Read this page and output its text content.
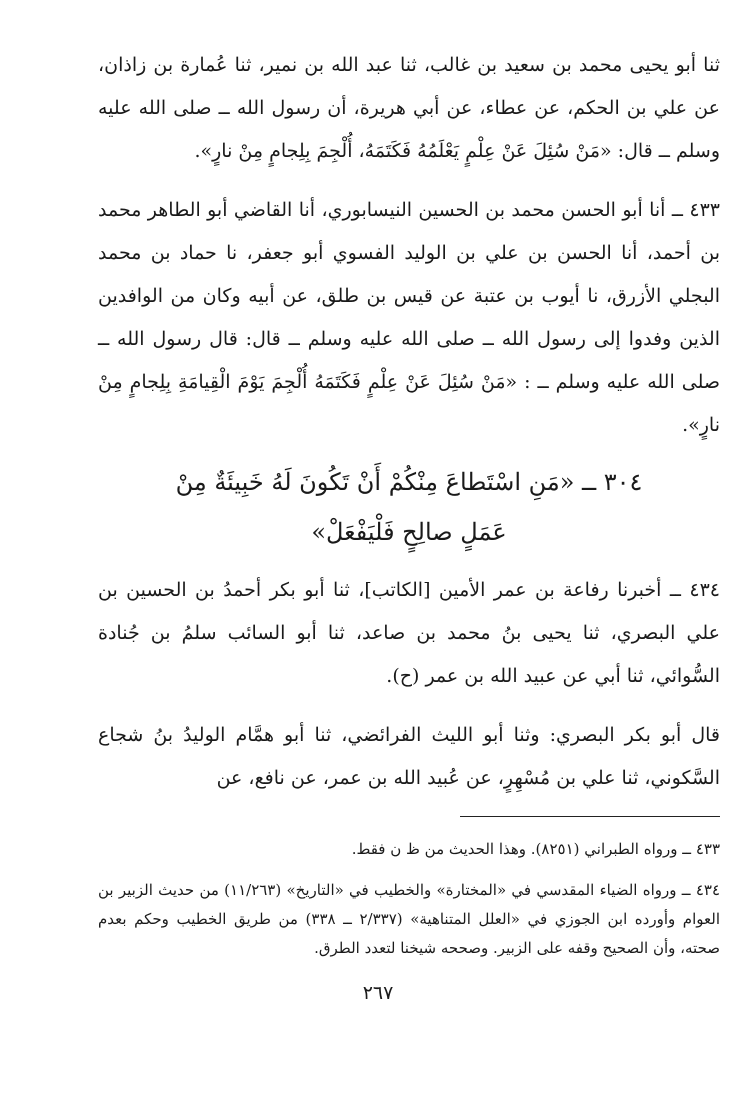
ثنا أبو يحيى محمد بن سعيد بن غالب، ثنا عبد الله بن نمير، ثنا عُمارة بن زاذان، عن علي بن الحكم، عن عطاء، عن أبي هريرة، أن رسول الله ــ صلى الله عليه وسلم ــ قال: «مَنْ سُئِلَ عَنْ عِلْمٍ يَعْلَمُهُ فَكَتَمَهُ، أُلْجِمَ بِلِجامٍ مِنْ نارٍ».

٤٣٣ ــ أنا أبو الحسن محمد بن الحسين النيسابوري، أنا القاضي أبو الطاهر محمد بن أحمد، أنا الحسن بن علي بن الوليد الفسوي أبو جعفر، نا حماد بن محمد البجلي الأزرق، نا أيوب بن عتبة عن قيس بن طلق، عن أبيه وكان من الوافدين الذين وفدوا إلى رسول الله ــ صلى الله عليه وسلم ــ قال: قال رسول الله ــ صلى الله عليه وسلم ــ : «مَنْ سُئِلَ عَنْ عِلْمٍ فَكَتَمَهُ أُلْجِمَ يَوْمَ الْقِيامَةِ بِلِجامٍ مِنْ نارٍ».

٣٠٤ ــ «مَنِ اسْتَطاعَ مِنْكُمْ أَنْ تَكُونَ لَهُ خَبِيئَةٌ مِنْ
عَمَلٍ صالِحٍ فَلْيَفْعَلْ»

٤٣٤ ــ أخبرنا رفاعة بن عمر الأمين [الكاتب]، ثنا أبو بكر أحمدُ بن الحسين بن علي البصري، ثنا يحيى بنُ محمد بن صاعد، ثنا أبو السائب سلمُ بن جُنادة السُّوائي، ثنا أبي عن عبيد الله بن عمر (ح).

قال أبو بكر البصري: وثنا أبو الليث الفرائضي، ثنا أبو همَّام الوليدُ بنُ شجاع السَّكوني، ثنا علي بن مُسْهِرٍ، عن عُبيد الله بن عمر، عن نافع، عن

٤٣٣ ــ ورواه الطبراني (٨٢٥١). وهذا الحديث من ظ ن فقط.

٤٣٤ ــ ورواه الضياء المقدسي في «المختارة» والخطيب في «التاريخ» (١١/٢٦٣) من حديث الزبير بن العوام وأورده ابن الجوزي في «العلل المتناهية» (٢/٣٣٧ ــ ٣٣٨) من طريق الخطيب وحكم بعدم صحته، وأن الصحيح وقفه على الزبير. وصححه شيخنا لتعدد الطرق.

٢٦٧
